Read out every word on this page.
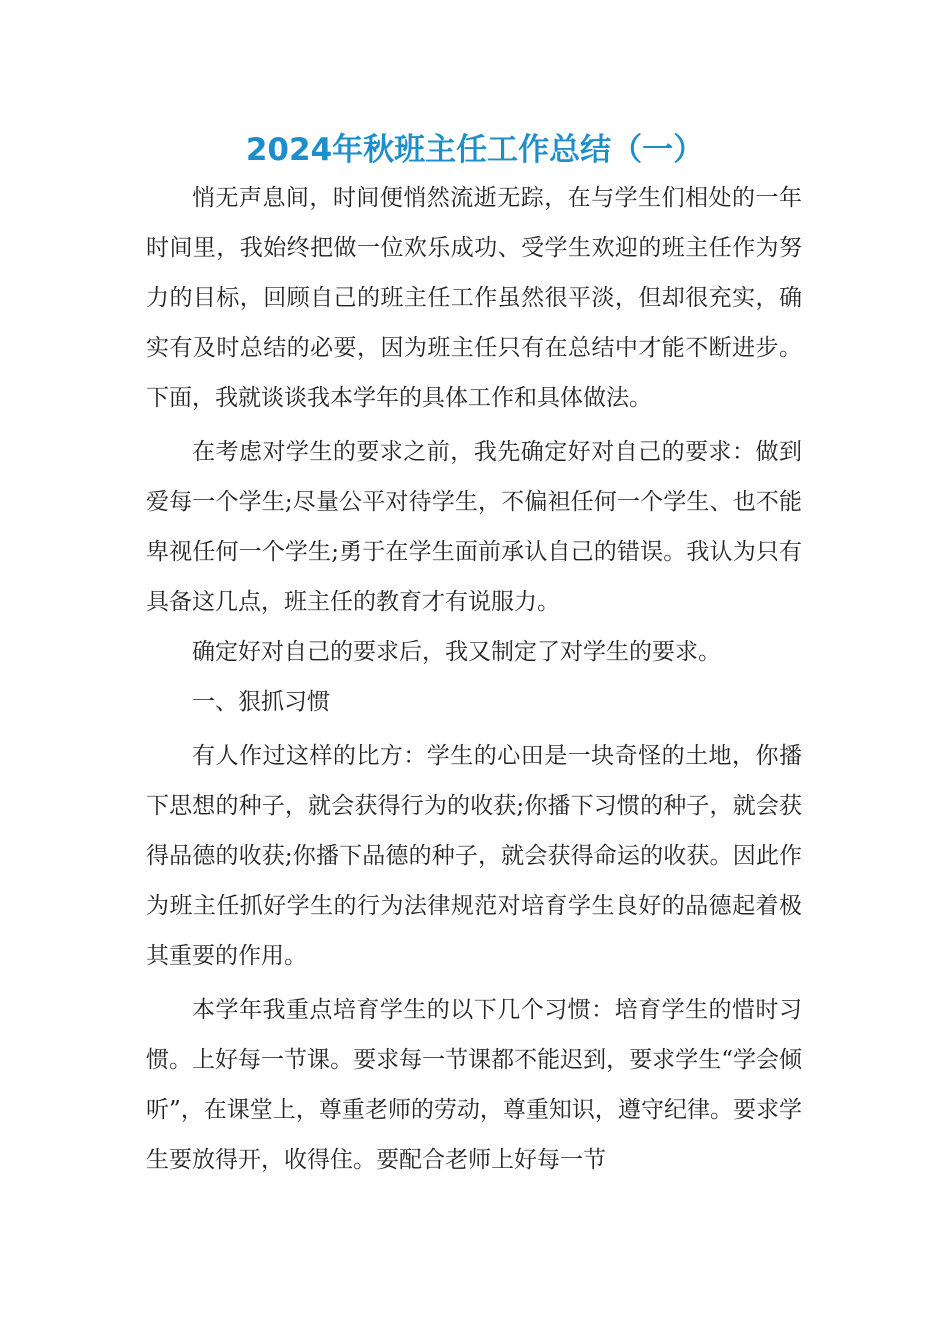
2024年秋班主任工作总结（一）

悄无声息间，时间便悄然流逝无踪，在与学生们相处的一年时间里，我始终把做一位欢乐成功、受学生欢迎的班主任作为努力的目标，回顾自己的班主任工作虽然很平淡，但却很充实，确实有及时总结的必要，因为班主任只有在总结中才能不断进步。下面，我就谈谈我本学年的具体工作和具体做法。

在考虑对学生的要求之前，我先确定好对自己的要求：做到爱每一个学生;尽量公平对待学生，不偏袒任何一个学生、也不能卑视任何一个学生;勇于在学生面前承认自己的错误。我认为只有具备这几点，班主任的教育才有说服力。

确定好对自己的要求后，我又制定了对学生的要求。

一、狠抓习惯

有人作过这样的比方：学生的心田是一块奇怪的土地，你播下思想的种子，就会获得行为的收获;你播下习惯的种子，就会获得品德的收获;你播下品德的种子，就会获得命运的收获。因此作为班主任抓好学生的行为法律规范对培育学生良好的品德起着极其重要的作用。

本学年我重点培育学生的以下几个习惯：培育学生的惜时习惯。上好每一节课。要求每一节课都不能迟到，要求学生“学会倾听”，在课堂上，尊重老师的劳动，尊重知识，遵守纪律。要求学生要放得开，收得住。要配合老师上好每一节
